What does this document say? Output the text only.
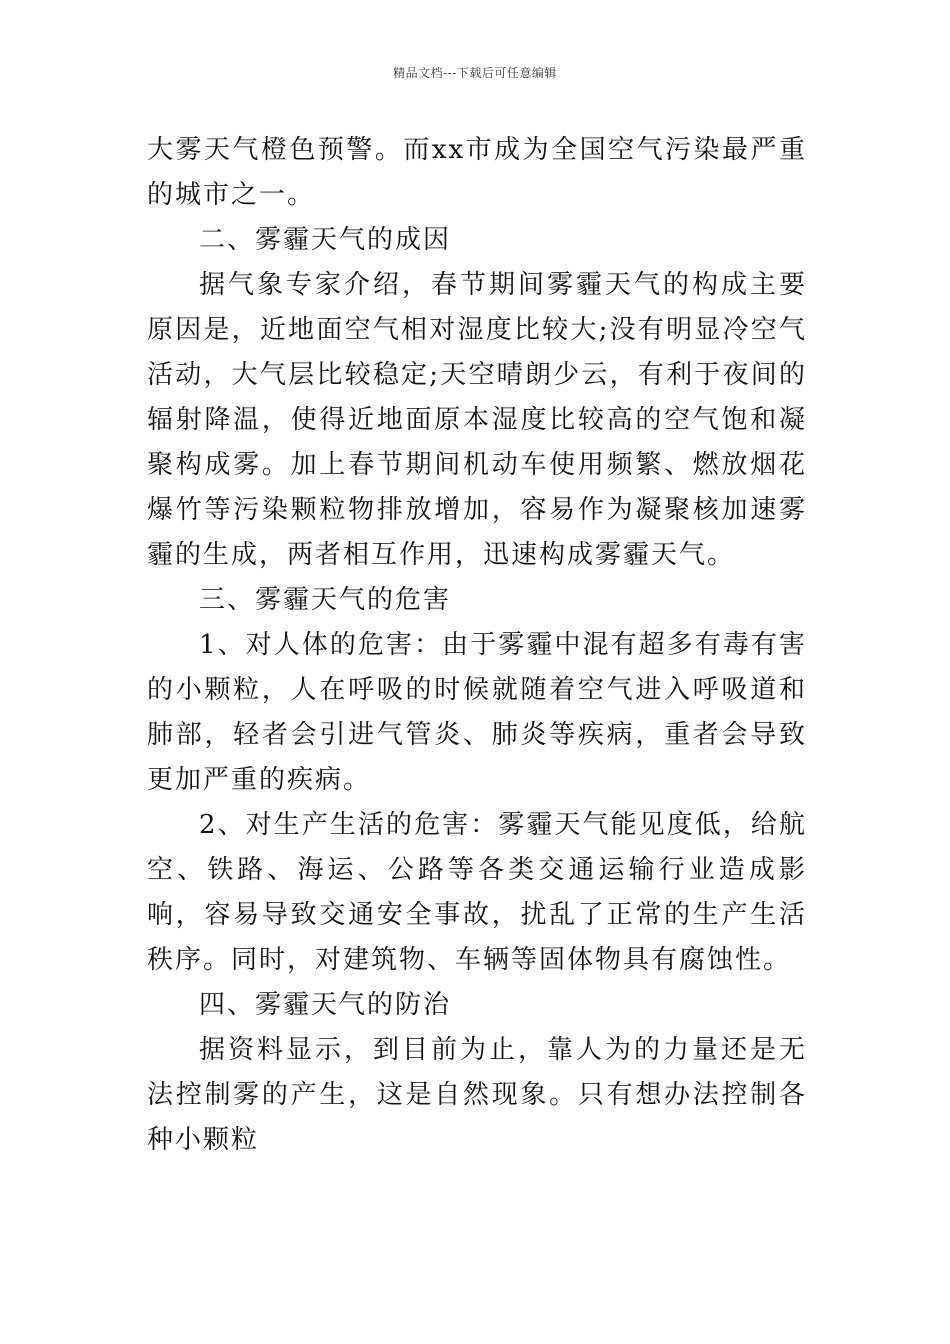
精品文档---下载后可任意编辑

大雾天气橙色预警。而xx市成为全国空气污染最严重的城市之一。

二、雾霾天气的成因

据气象专家介绍，春节期间雾霾天气的构成主要原因是，近地面空气相对湿度比较大;没有明显冷空气活动，大气层比较稳定;天空晴朗少云，有利于夜间的辐射降温，使得近地面原本湿度比较高的空气饱和凝聚构成雾。加上春节期间机动车使用频繁、燃放烟花爆竹等污染颗粒物排放增加，容易作为凝聚核加速雾霾的生成，两者相互作用，迅速构成雾霾天气。

三、雾霾天气的危害

1、对人体的危害：由于雾霾中混有超多有毒有害的小颗粒，人在呼吸的时候就随着空气进入呼吸道和肺部，轻者会引进气管炎、肺炎等疾病，重者会导致更加严重的疾病。

2、对生产生活的危害：雾霾天气能见度低，给航空、铁路、海运、公路等各类交通运输行业造成影响，容易导致交通安全事故，扰乱了正常的生产生活秩序。同时，对建筑物、车辆等固体物具有腐蚀性。

四、雾霾天气的防治

据资料显示，到目前为止，靠人为的力量还是无法控制雾的产生，这是自然现象。只有想办法控制各种小颗粒
